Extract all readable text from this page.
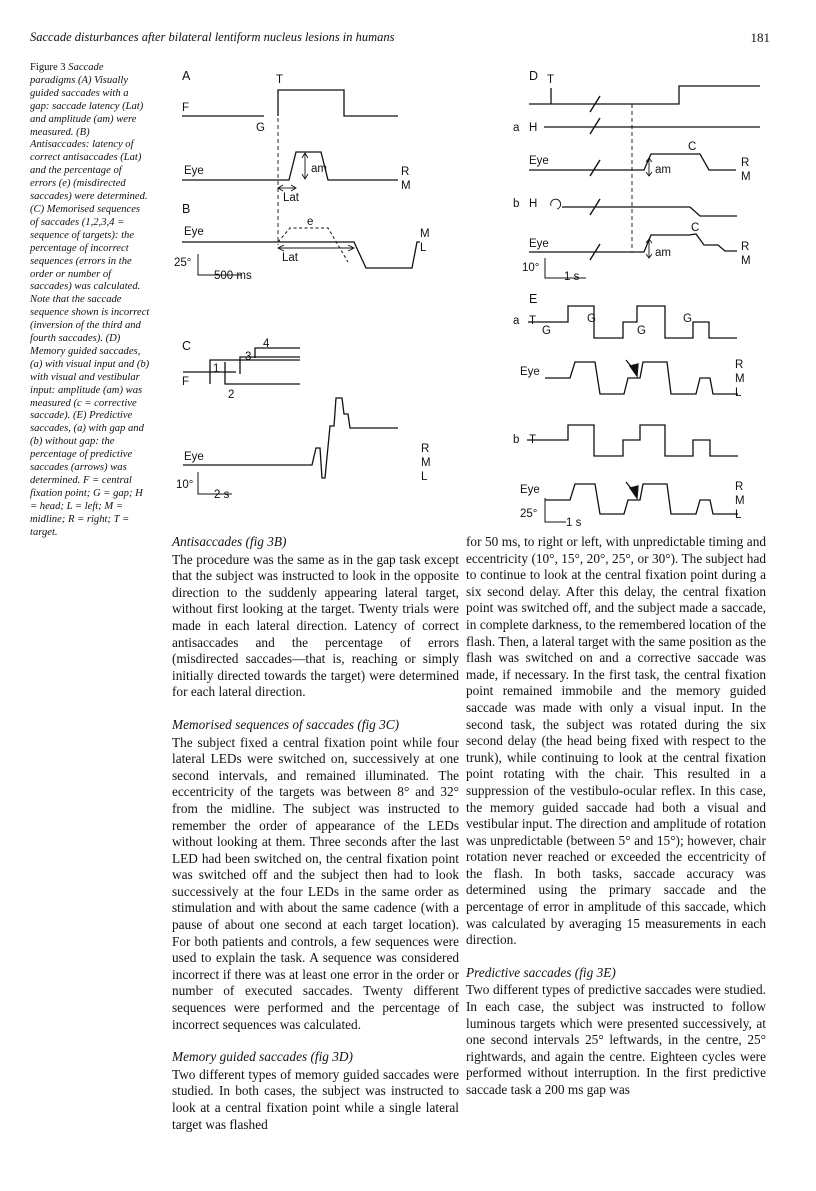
Saccade disturbances after bilateral lentiform nucleus lesions in humans	181
Figure 3 Saccade paradigms (A) Visually guided saccades with a gap: saccade latency (Lat) and amplitude (am) were measured. (B) Antisaccades: latency of correct antisaccades (Lat) and the percentage of errors (e) (misdirected saccades) were determined. (C) Memorised sequences of saccades (1,2,3,4 = sequence of targets): the percentage of incorrect sequences (errors in the order or number of saccades) was calculated. Note that the saccade sequence shown is incorrect (inversion of the third and fourth saccades). (D) Memory guided saccades, (a) with visual input and (b) with visual and vestibular input: amplitude (am) was measured (c = corrective saccade). (E) Predictive saccades, (a) with gap and (b) without gap: the percentage of predictive saccades (arrows) was determined. F = central fixation point; G = gap; H = head; L = left; M = midline; R = right; T = target.
A	T
F
G
Eye	am
Lat
R
M
B
Eye
e
Lat
M
L
25°
500 ms
C
F
1
2
3
4
Eye
R
M
L
10°
2 s
D T
a H
Eye
C
am
R
M
b H
Eye
C
am	R
M
10°
1 s
E
a T
G
G
G
G
Eye
R
M
L
b T
Eye	R
M
L
25°
1 s
Antisaccades (fig 3B)

The procedure was the same as in the gap task except that the subject was instructed to look in the opposite direction to the suddenly appearing lateral target, without first looking at the target. Twenty trials were made in each lateral direction. Latency of correct antisaccades and the percentage of errors (misdirected saccades—that is, reaching or simply initially directed towards the target) were determined for each lateral direction.

Memorised sequences of saccades (fig 3C)

The subject fixed a central fixation point while four lateral LEDs were switched on, successively at one second intervals, and remained illuminated. The eccentricity of the targets was between 8° and 32° from the midline. The subject was instructed to remember the order of appearance of the LEDs without looking at them. Three seconds after the last LED had been switched on, the central fixation point was switched off and the subject then had to look successively at the four LEDs in the same order as stimulation and with about the same cadence (with a pause of about one second at each target location). For both patients and controls, a few sequences were used to explain the task. A sequence was considered incorrect if there was at least one error in the order or number of executed saccades. Twenty different sequences were performed and the percentage of incorrect sequences was calculated.

Memory guided saccades (fig 3D)

Two different types of memory guided saccades were studied. In both cases, the subject was instructed to look at a central fixation point while a single lateral target was flashed

for 50 ms, to right or left, with unpredictable timing and eccentricity (10°, 15°, 20°, 25°, or 30°). The subject had to continue to look at the central fixation point during a six second delay. After this delay, the central fixation point was switched off, and the subject made a saccade, in complete darkness, to the remembered location of the flash. Then, a lateral target with the same position as the flash was switched on and a corrective saccade was made, if necessary. In the first task, the central fixation point remained immobile and the memory guided saccade was made with only a visual input. In the second task, the subject was rotated during the six second delay (the head being fixed with respect to the trunk), while continuing to look at the central fixation point rotating with the chair. This resulted in a suppression of the vestibulo-ocular reflex. In this case, the memory guided saccade had both a visual and vestibular input. The direction and amplitude of rotation was unpredictable (between 5° and 15°); however, chair rotation never reached or exceeded the eccentricity of the flash. In both tasks, saccade accuracy was determined using the primary saccade and the percentage of error in amplitude of this saccade, which was calculated by averaging 15 measurements in each direction.

Predictive saccades (fig 3E)

Two different types of predictive saccades were studied. In each case, the subject was instructed to follow luminous targets which were presented successively, at one second intervals 25° leftwards, in the centre, 25° rightwards, and again the centre. Eighteen cycles were performed without interruption. In the first predictive saccade task a 200 ms gap was
